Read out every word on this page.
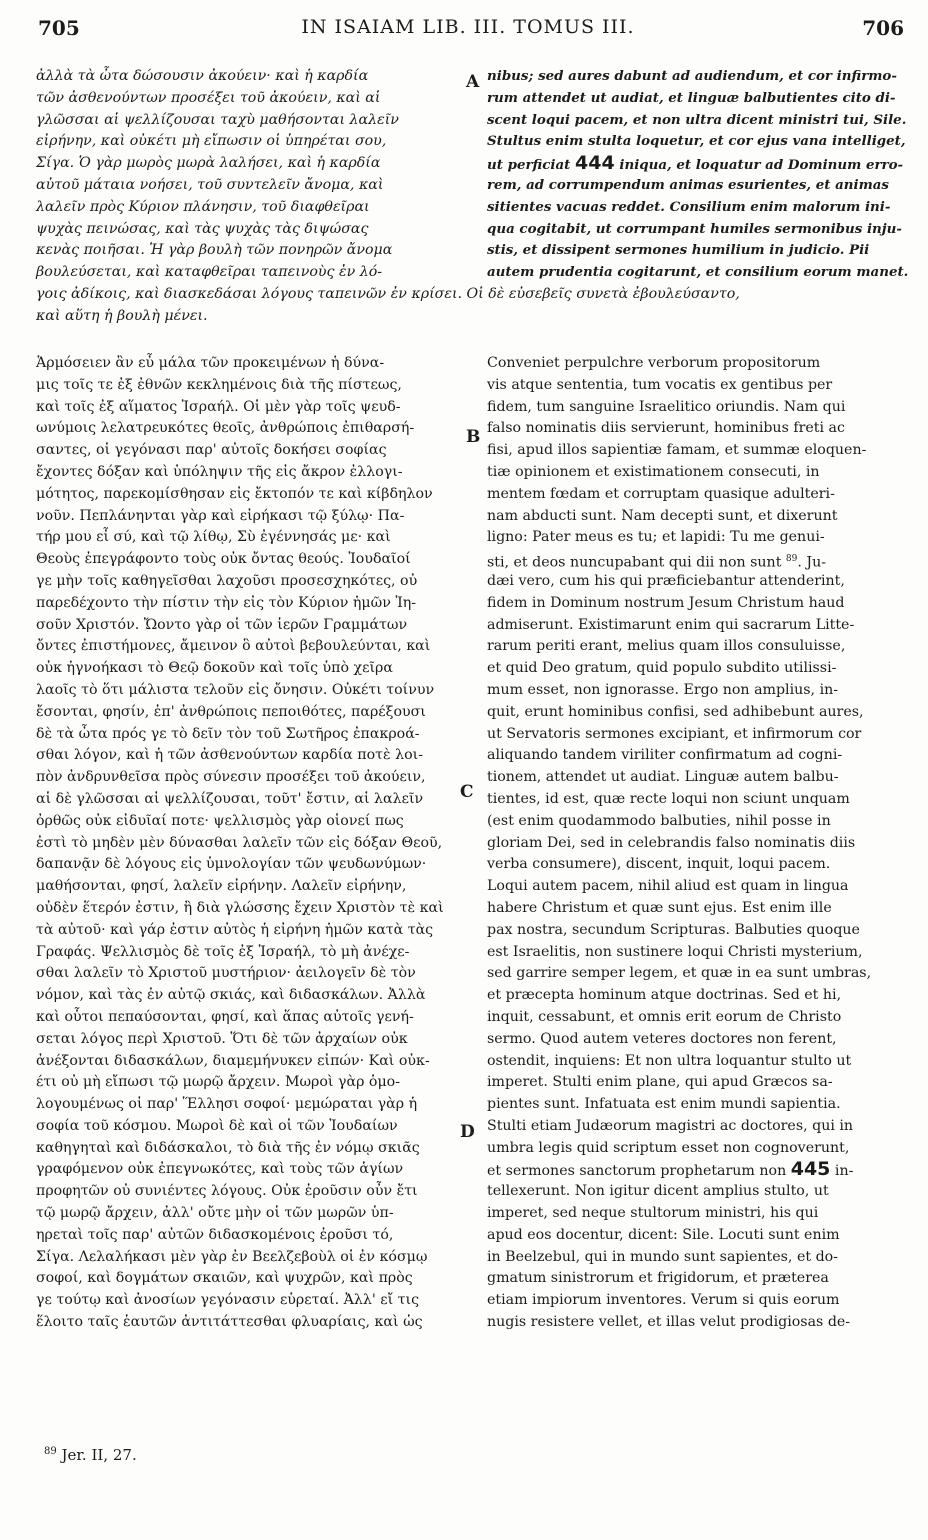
705	IN ISAIAM LIB. III. TOMUS III.	706
ἀλλὰ τὰ ὦτα δώσουσιν ἀκούειν· καὶ ἡ καρδία
τῶν ἀσθενούντων προσέξει τοῦ ἀκούειν, καὶ αἱ
γλῶσσαι αἱ ψελλίζουσαι ταχὺ μαθήσονται λαλεῖν
εἰρήνην, καὶ οὐκέτι μὴ εἴπωσιν οἱ ὑπηρέται σου,
Σίγα. Ὁ γὰρ μωρὸς μωρὰ λαλήσει, καὶ ἡ καρδία
αὐτοῦ μάταια νοήσει, τοῦ συντελεῖν ἄνομα, καὶ
λαλεῖν πρὸς Κύριον πλάνησιν, τοῦ διαφθεῖραι
ψυχὰς πεινώσας, καὶ τὰς ψυχὰς τὰς διψώσας
κενὰς ποιῆσαι. Ἡ γὰρ βουλὴ τῶν πονηρῶν ἄνομα
βουλεύσεται, καὶ καταφθεῖραι ταπεινοὺς ἐν λό-
γοις ἀδίκοις, καὶ διασκεδάσαι λόγους ταπεινῶν ἐν κρίσει. Οἱ δὲ εὐσεβεῖς συνετὰ ἐβουλεύσαντο,
καὶ αὕτη ἡ βουλὴ μένει.
nibus; sed aures dabunt ad audiendum, et cor infirmo-
rum attendet ut audiat, et linguæ balbutientes cito di-
scent loqui pacem, et non ultra dicent ministri tui, Sile.
Stultus enim stulta loquetur, et cor ejus vana intelliget,
ut perficiat 444 iniqua, et loquatur ad Dominum erro-
rem, ad corrumpendum animas esurientes, et animas
sitientes vacuas reddet. Consilium enim malorum ini-
qua cogitabit, ut corrumpant humiles sermonibus inju-
stis, et dissipent sermones humilium in judicio. Pii
autem prudentia cogitarunt, et consilium eorum manet.
Ἁρμόσειεν ἂν εὖ μάλα τῶν προκειμένων ἡ δύνα-
μις τοῖς τε ἐξ ἐθνῶν κεκλημένοις διὰ τῆς πίστεως,
καὶ τοῖς ἐξ αἵματος Ἰσραήλ. Οἱ μὲν γὰρ τοῖς ψευδ-
ωνύμοις λελατρευκότες θεοῖς, ἀνθρώποις ἐπιθαρσή-
σαντες, οἱ γεγόνασι παρ' αὐτοῖς δοκήσει σοφίας
ἔχοντες δόξαν καὶ ὑπόληψιν τῆς εἰς ἄκρον ἐλλογι-
μότητος, παρεκομίσθησαν εἰς ἔκτοπόν τε καὶ κίβδηλον
νοῦν. Πεπλάνηνται γὰρ καὶ εἰρήκασι τῷ ξύλῳ· Πα-
τήρ μου εἶ σύ, καὶ τῷ λίθῳ, Σὺ ἐγέννησάς με· καὶ
Θεοὺς ἐπεγράφοντο τοὺς οὐκ ὄντας θεούς. Ἰουδαῖοί
γε μὴν τοῖς καθηγεῖσθαι λαχοῦσι προσεσχηκότες, οὐ
παρεδέχοντο τὴν πίστιν τὴν εἰς τὸν Κύριον ἡμῶν Ἰη-
σοῦν Χριστόν. Ὤοντο γὰρ οἱ τῶν ἱερῶν Γραμμάτων
ὄντες ἐπιστήμονες, ἄμεινον ὃ αὐτοὶ βεβουλεύνται, καὶ
οὐκ ἠγνοήκασι τὸ Θεῷ δοκοῦν καὶ τοῖς ὑπὸ χεῖρα
λαοῖς τὸ ὅτι μάλιστα τελοῦν εἰς ὄνησιν. Οὐκέτι τοίνυν
ἔσονται, φησίν, ἐπ' ἀνθρώποις πεποιθότες, παρέξουσι
δὲ τὰ ὦτα πρός γε τὸ δεῖν τὸν τοῦ Σωτῆρος ἐπακροά-
σθαι λόγον, καὶ ἡ τῶν ἀσθενούντων καρδία ποτὲ λοι-
πὸν ἀνδρυνθεῖσα πρὸς σύνεσιν προσέξει τοῦ ἀκούειν,
αἱ δὲ γλῶσσαι αἱ ψελλίζουσαι, τοῦτ' ἔστιν, αἱ λαλεῖν
ὀρθῶς οὐκ εἰδυῖαί ποτε· ψελλισμὸς γὰρ οἱονεί πως
ἐστὶ τὸ μηδὲν μὲν δύνασθαι λαλεῖν τῶν εἰς δόξαν Θεοῦ,
δαπανᾷν δὲ λόγους εἰς ὑμνολογίαν τῶν ψευδωνύμων·
μαθήσονται, φησί, λαλεῖν εἰρήνην. Λαλεῖν εἰρήνην,
οὐδὲν ἕτερόν ἐστιν, ἢ διὰ γλώσσης ἔχειν Χριστὸν τὲ καὶ
τὰ αὐτοῦ· καὶ γάρ ἐστιν αὐτὸς ἡ εἰρήνη ἡμῶν κατὰ τὰς
Γραφάς. Ψελλισμὸς δὲ τοῖς ἐξ Ἰσραήλ, τὸ μὴ ἀνέχε-
σθαι λαλεῖν τὸ Χριστοῦ μυστήριον· ἀειλογεῖν δὲ τὸν
νόμον, καὶ τὰς ἐν αὐτῷ σκιάς, καὶ διδασκάλων. Ἀλλὰ
καὶ οὗτοι πεπαύσονται, φησί, καὶ ἅπας αὐτοῖς γενή-
σεται λόγος περὶ Χριστοῦ. Ὅτι δὲ τῶν ἀρχαίων οὐκ
ἀνέξονται διδασκάλων, διαμεμήνυκεν εἰπών· Καὶ οὐκ-
έτι οὐ μὴ εἴπωσι τῷ μωρῷ ἄρχειν. Μωροὶ γὰρ ὁμο-
λογουμένως οἱ παρ' Ἕλλησι σοφοί· μεμώραται γὰρ ἡ
σοφία τοῦ κόσμου. Μωροὶ δὲ καὶ οἱ τῶν Ἰουδαίων
καθηγηταὶ καὶ διδάσκαλοι, τὸ διὰ τῆς ἐν νόμῳ σκιᾶς
γραφόμενον οὐκ ἐπεγνωκότες, καὶ τοὺς τῶν ἁγίων
προφητῶν οὐ συνιέντες λόγους. Οὐκ ἐροῦσιν οὖν ἔτι
τῷ μωρῷ ἄρχειν, ἀλλ' οὔτε μὴν οἱ τῶν μωρῶν ὑπ-
ηρεταὶ τοῖς παρ' αὐτῶν διδασκομένοις ἐροῦσι τό,
Σίγα. Λελαλήκασι μὲν γὰρ ἐν Βεελζεβοὺλ οἱ ἐν κόσμῳ
σοφοί, καὶ δογμάτων σκαιῶν, καὶ ψυχρῶν, καὶ πρὸς
γε τούτῳ καὶ ἀνοσίων γεγόνασιν εὑρεταί. Ἀλλ' εἴ τις
ἕλοιτο ταῖς ἑαυτῶν ἀντιτάττεσθαι φλυαρίαις, καὶ ὡς
Conveniet perpulchre verborum propositorum
vis atque sententia, tum vocatis ex gentibus per
fidem, tum sanguine Israelitico oriundis. Nam qui
falso nominatis diis servierunt, hominibus freti ac
fisi, apud illos sapientiæ famam, et summæ eloquen-
tiæ opinionem et existimationem consecuti, in
mentem fœdam et corruptam quasique adulteri-
nam abducti sunt. Nam decepti sunt, et dixerunt
ligno: Pater meus es tu; et lapidi: Tu me genui-
sti, et deos nuncupabant qui dii non sunt $^{89}$. Ju-
dæi vero, cum his qui præficiebantur attenderint,
fidem in Dominum nostrum Jesum Christum haud
admiserunt. Existimarunt enim qui sacrarum Litte-
rarum periti erant, melius quam illos consuluisse,
et quid Deo gratum, quid populo subdito utilissi-
mum esset, non ignorasse. Ergo non amplius, in-
quit, erunt hominibus confisi, sed adhibebunt aures,
ut Servatoris sermones excipiant, et infirmorum cor
aliquando tandem viriliter confirmatum ad cogni-
tionem, attendet ut audiat. Linguæ autem balbu-
tientes, id est, quæ recte loqui non sciunt unquam
(est enim quodammodo balbuties, nihil posse in
gloriam Dei, sed in celebrandis falso nominatis diis
verba consumere), discent, inquit, loqui pacem.
Loqui autem pacem, nihil aliud est quam in lingua
habere Christum et quæ sunt ejus. Est enim ille
pax nostra, secundum Scripturas. Balbuties quoque
est Israelitis, non sustinere loqui Christi mysterium,
sed garrire semper legem, et quæ in ea sunt umbras,
et præcepta hominum atque doctrinas. Sed et hi,
inquit, cessabunt, et omnis erit eorum de Christo
sermo. Quod autem veteres doctores non ferent,
ostendit, inquiens: Et non ultra loquantur stulto ut
imperet. Stulti enim plane, qui apud Græcos sa-
pientes sunt. Infatuata est enim mundi sapientia.
Stulti etiam Judæorum magistri ac doctores, qui in
umbra legis quid scriptum esset non cognoverunt,
et sermones sanctorum prophetarum non 445 in-
tellexerunt. Non igitur dicent amplius stulto, ut
imperet, sed neque stultorum ministri, his qui
apud eos docentur, dicent: Sile. Locuti sunt enim
in Beelzebul, qui in mundo sunt sapientes, et do-
gmatum sinistrorum et frigidorum, et præterea
etiam impiorum inventores. Verum si quis eorum
nugis resistere vellet, et illas velut prodigiosas de-
A
B
C
D
$^{89}$ Jer. II, 27.
